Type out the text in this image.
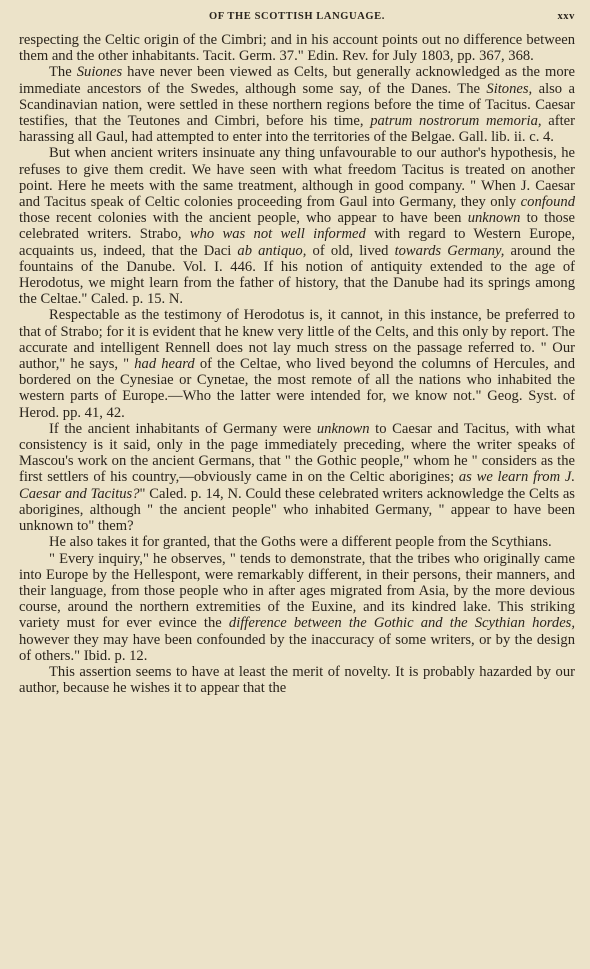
OF THE SCOTTISH LANGUAGE.	xxv

respecting the Celtic origin of the Cimbri; and in his account points out no difference between them and the other inhabitants. Tacit. Germ. 37." Edin. Rev. for July 1803, pp. 367, 368.

The Suiones have never been viewed as Celts, but generally acknowledged as the more immediate ancestors of the Swedes, although some say, of the Danes. The Sitones, also a Scandinavian nation, were settled in these northern regions before the time of Tacitus. Caesar testifies, that the Teutones and Cimbri, before his time, patrum nostrorum memoria, after harassing all Gaul, had attempted to enter into the territories of the Belgae. Gall. lib. ii. c. 4.

But when ancient writers insinuate any thing unfavourable to our author's hypothesis, he refuses to give them credit. We have seen with what freedom Tacitus is treated on another point. Here he meets with the same treatment, although in good company. " When J. Caesar and Tacitus speak of Celtic colonies proceeding from Gaul into Germany, they only confound those recent colonies with the ancient people, who appear to have been unknown to those celebrated writers. Strabo, who was not well informed with regard to Western Europe, acquaints us, indeed, that the Daci ab antiquo, of old, lived towards Germany, around the fountains of the Danube. Vol. I. 446. If his notion of antiquity extended to the age of Herodotus, we might learn from the father of history, that the Danube had its springs among the Celtae." Caled. p. 15. N.

Respectable as the testimony of Herodotus is, it cannot, in this instance, be preferred to that of Strabo; for it is evident that he knew very little of the Celts, and this only by report. The accurate and intelligent Rennell does not lay much stress on the passage referred to. " Our author," he says, " had heard of the Celtae, who lived beyond the columns of Hercules, and bordered on the Cynesiae or Cynetae, the most remote of all the nations who inhabited the western parts of Europe.—Who the latter were intended for, we know not." Geog. Syst. of Herod. pp. 41, 42.

If the ancient inhabitants of Germany were unknown to Caesar and Tacitus, with what consistency is it said, only in the page immediately preceding, where the writer speaks of Mascou's work on the ancient Germans, that " the Gothic people," whom he " considers as the first settlers of his country,—obviously came in on the Celtic aborigines; as we learn from J. Caesar and Tacitus?" Caled. p. 14, N. Could these celebrated writers acknowledge the Celts as aborigines, although " the ancient people" who inhabited Germany, " appear to have been unknown to" them?

He also takes it for granted, that the Goths were a different people from the Scythians.

" Every inquiry," he observes, " tends to demonstrate, that the tribes who originally came into Europe by the Hellespont, were remarkably different, in their persons, their manners, and their language, from those people who in after ages migrated from Asia, by the more devious course, around the northern extremities of the Euxine, and its kindred lake. This striking variety must for ever evince the difference between the Gothic and the Scythian hordes, however they may have been confounded by the inaccuracy of some writers, or by the design of others." Ibid. p. 12.

This assertion seems to have at least the merit of novelty. It is probably hazarded by our author, because he wishes it to appear that the
